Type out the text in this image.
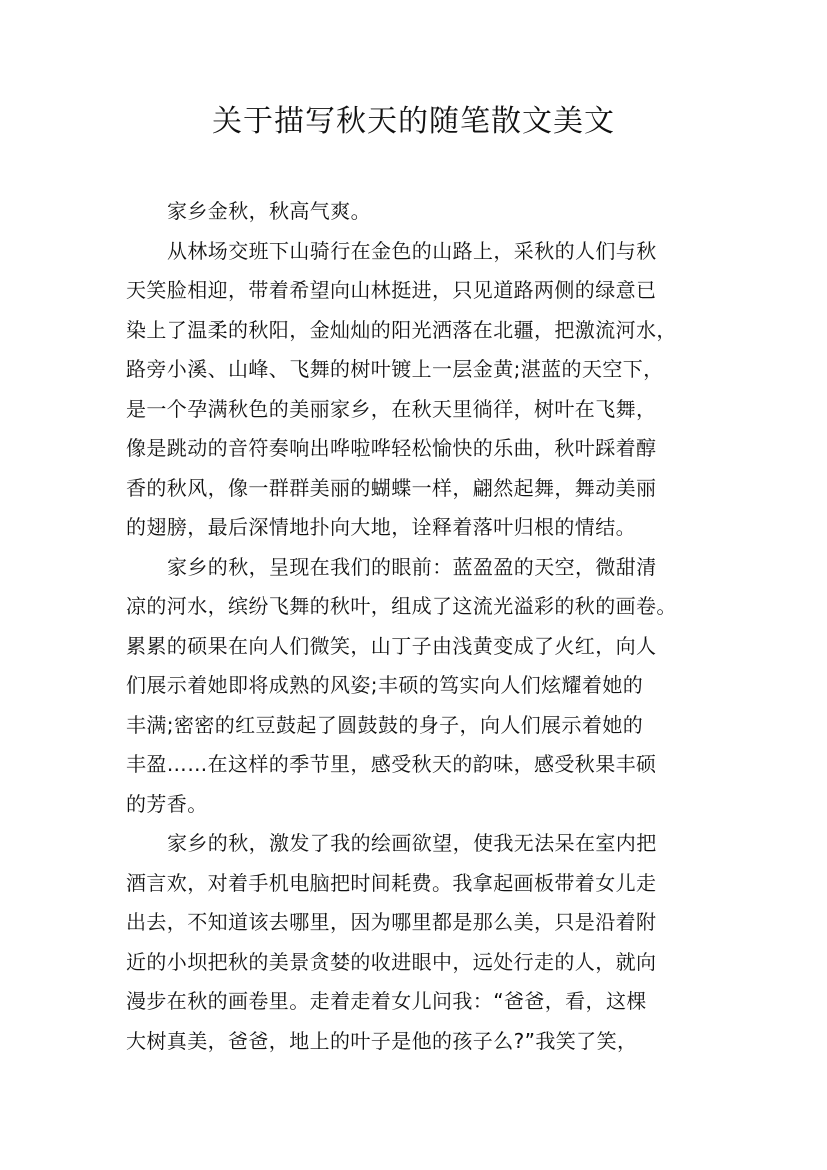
关于描写秋天的随笔散文美文
家乡金秋，秋高气爽。
从林场交班下山骑行在金色的山路上，采秋的人们与秋
天笑脸相迎，带着希望向山林挺进，只见道路两侧的绿意已
染上了温柔的秋阳，金灿灿的阳光洒落在北疆，把激流河水，
路旁小溪、山峰、飞舞的树叶镀上一层金黄;湛蓝的天空下，
是一个孕满秋色的美丽家乡，在秋天里徜徉，树叶在飞舞，
像是跳动的音符奏响出哗啦哗轻松愉快的乐曲，秋叶踩着醇
香的秋风，像一群群美丽的蝴蝶一样，翩然起舞，舞动美丽
的翅膀，最后深情地扑向大地，诠释着落叶归根的情结。
家乡的秋，呈现在我们的眼前：蓝盈盈的天空，微甜清
凉的河水，缤纷飞舞的秋叶，组成了这流光溢彩的秋的画卷。
累累的硕果在向人们微笑，山丁子由浅黄变成了火红，向人
们展示着她即将成熟的风姿;丰硕的笃实向人们炫耀着她的
丰满;密密的红豆鼓起了圆鼓鼓的身子，向人们展示着她的
丰盈……在这样的季节里，感受秋天的韵味，感受秋果丰硕
的芳香。
家乡的秋，激发了我的绘画欲望，使我无法呆在室内把
酒言欢，对着手机电脑把时间耗费。我拿起画板带着女儿走
出去，不知道该去哪里，因为哪里都是那么美，只是沿着附
近的小坝把秋的美景贪婪的收进眼中，远处行走的人，就向
漫步在秋的画卷里。走着走着女儿问我：“爸爸，看，这棵
大树真美，爸爸，地上的叶子是他的孩子么?”我笑了笑，
